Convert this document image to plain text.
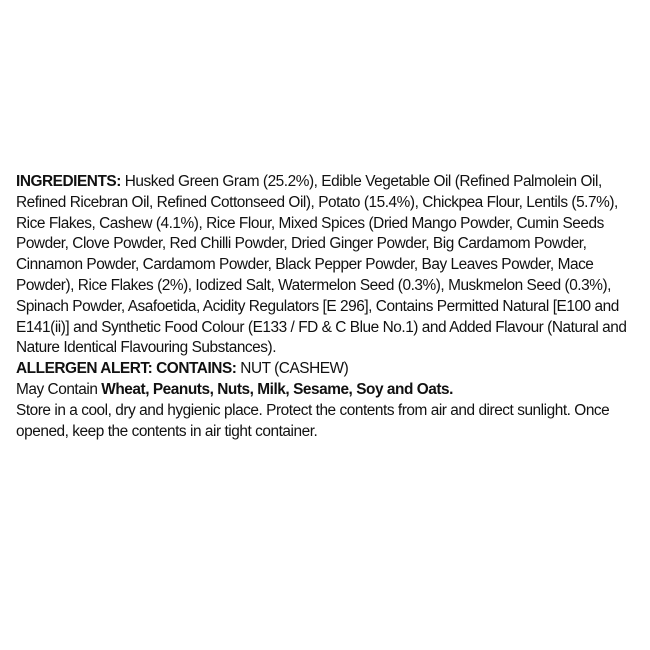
INGREDIENTS: Husked Green Gram (25.2%), Edible Vegetable Oil (Refined Palmolein Oil, Refined Ricebran Oil, Refined Cottonseed Oil), Potato (15.4%), Chickpea Flour, Lentils (5.7%), Rice Flakes, Cashew (4.1%), Rice Flour, Mixed Spices (Dried Mango Powder, Cumin Seeds Powder, Clove Powder, Red Chilli Powder, Dried Ginger Powder, Big Cardamom Powder, Cinnamon Powder, Cardamom Powder, Black Pepper Powder, Bay Leaves Powder, Mace Powder), Rice Flakes (2%), Iodized Salt, Watermelon Seed (0.3%), Muskmelon Seed (0.3%), Spinach Powder, Asafoetida, Acidity Regulators [E 296], Contains Permitted Natural [E100 and E141(ii)] and Synthetic Food Colour (E133 / FD & C Blue No.1) and Added Flavour (Natural and Nature Identical Flavouring Substances).

ALLERGEN ALERT: CONTAINS: NUT (CASHEW)

May Contain Wheat, Peanuts, Nuts, Milk, Sesame, Soy and Oats.

Store in a cool, dry and hygienic place. Protect the contents from air and direct sunlight. Once opened, keep the contents in air tight container.
